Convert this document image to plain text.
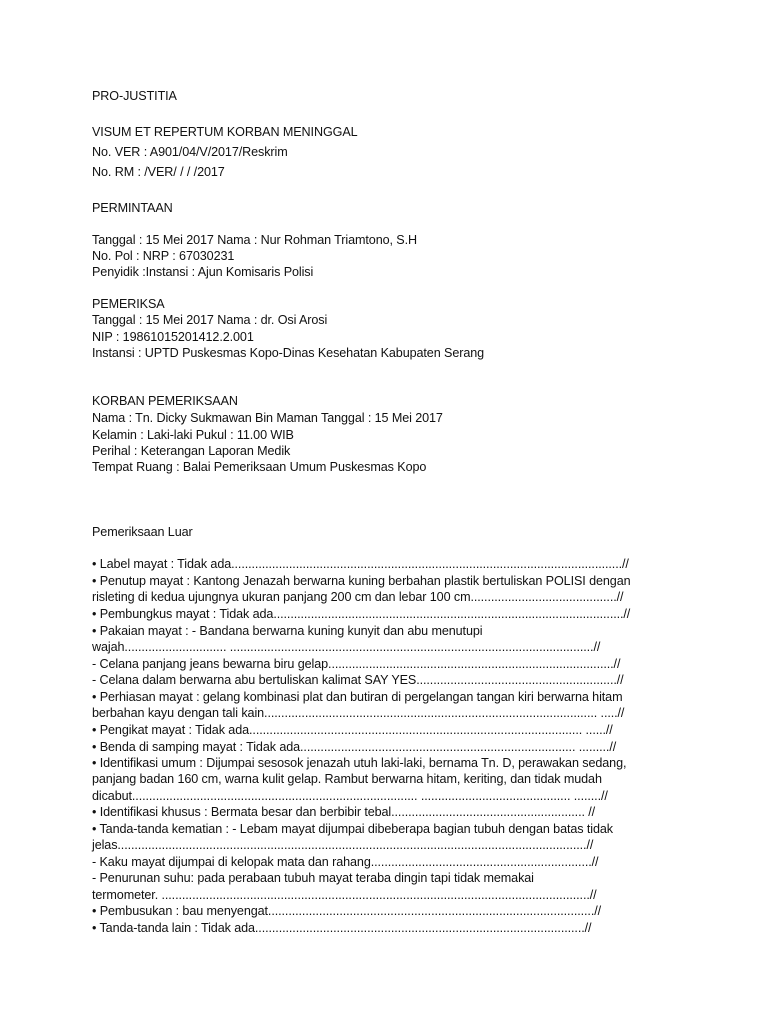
PRO-JUSTITIA
VISUM ET REPERTUM KORBAN MENINGGAL
No. VER : A901/04/V/2017/Reskrim
No. RM : /VER/ / / /2017
PERMINTAAN
Tanggal : 15 Mei 2017 Nama : Nur Rohman Triamtono, S.H
No. Pol : NRP : 67030231
Penyidik :Instansi : Ajun Komisaris Polisi
PEMERIKSA
Tanggal : 15 Mei 2017 Nama : dr. Osi Arosi
NIP : 19861015201412.2.001
Instansi : UPTD Puskesmas Kopo-Dinas Kesehatan Kabupaten Serang
KORBAN PEMERIKSAAN
Nama : Tn. Dicky Sukmawan Bin Maman Tanggal : 15 Mei 2017
Kelamin : Laki-laki Pukul : 11.00 WIB
Perihal : Keterangan Laporan Medik
Tempat Ruang : Balai Pemeriksaan Umum Puskesmas Kopo
Pemeriksaan Luar
• Label mayat : Tidak ada...................................................................................................................//
• Penutup mayat : Kantong Jenazah berwarna kuning berbahan plastik bertuliskan POLISI dengan
risleting di kedua ujungnya ukuran panjang 200 cm dan lebar 100 cm...........................................//
• Pembungkus mayat : Tidak ada.......................................................................................................//
• Pakaian mayat : - Bandana berwarna kuning kunyit dan abu menutupi
wajah.............................. ...........................................................................................................//
- Celana panjang jeans bewarna biru gelap....................................................................................//
- Celana dalam berwarna abu bertuliskan kalimat SAY YES...........................................................//
• Perhiasan mayat : gelang kombinasi plat dan butiran di pergelangan tangan kiri berwarna hitam
berbahan kayu dengan tali kain.................................................................................................. .....//
• Pengikat mayat : Tidak ada.................................................................................................. ......//
• Benda di samping mayat : Tidak ada................................................................................. .........//
• Identifikasi umum : Dijumpai sesosok jenazah utuh laki-laki, bernama Tn. D, perawakan sedang,
panjang badan 160 cm, warna kulit gelap. Rambut berwarna hitam, keriting, dan tidak mudah
dicabut.................................................................................... ............................................ ........//
• Identifikasi khusus : Bermata besar dan berbibir tebal......................................................... //
• Tanda-tanda kematian : - Lebam mayat dijumpai dibeberapa bagian tubuh dengan batas tidak
jelas..........................................................................................................................................//
- Kaku mayat dijumpai di kelopak mata dan rahang.................................................................//
- Penurunan suhu: pada perabaan tubuh mayat teraba dingin tapi tidak memakai
termometer. ..............................................................................................................................//
• Pembusukan : bau menyengat................................................................................................//
• Tanda-tanda lain : Tidak ada.................................................................................................//
